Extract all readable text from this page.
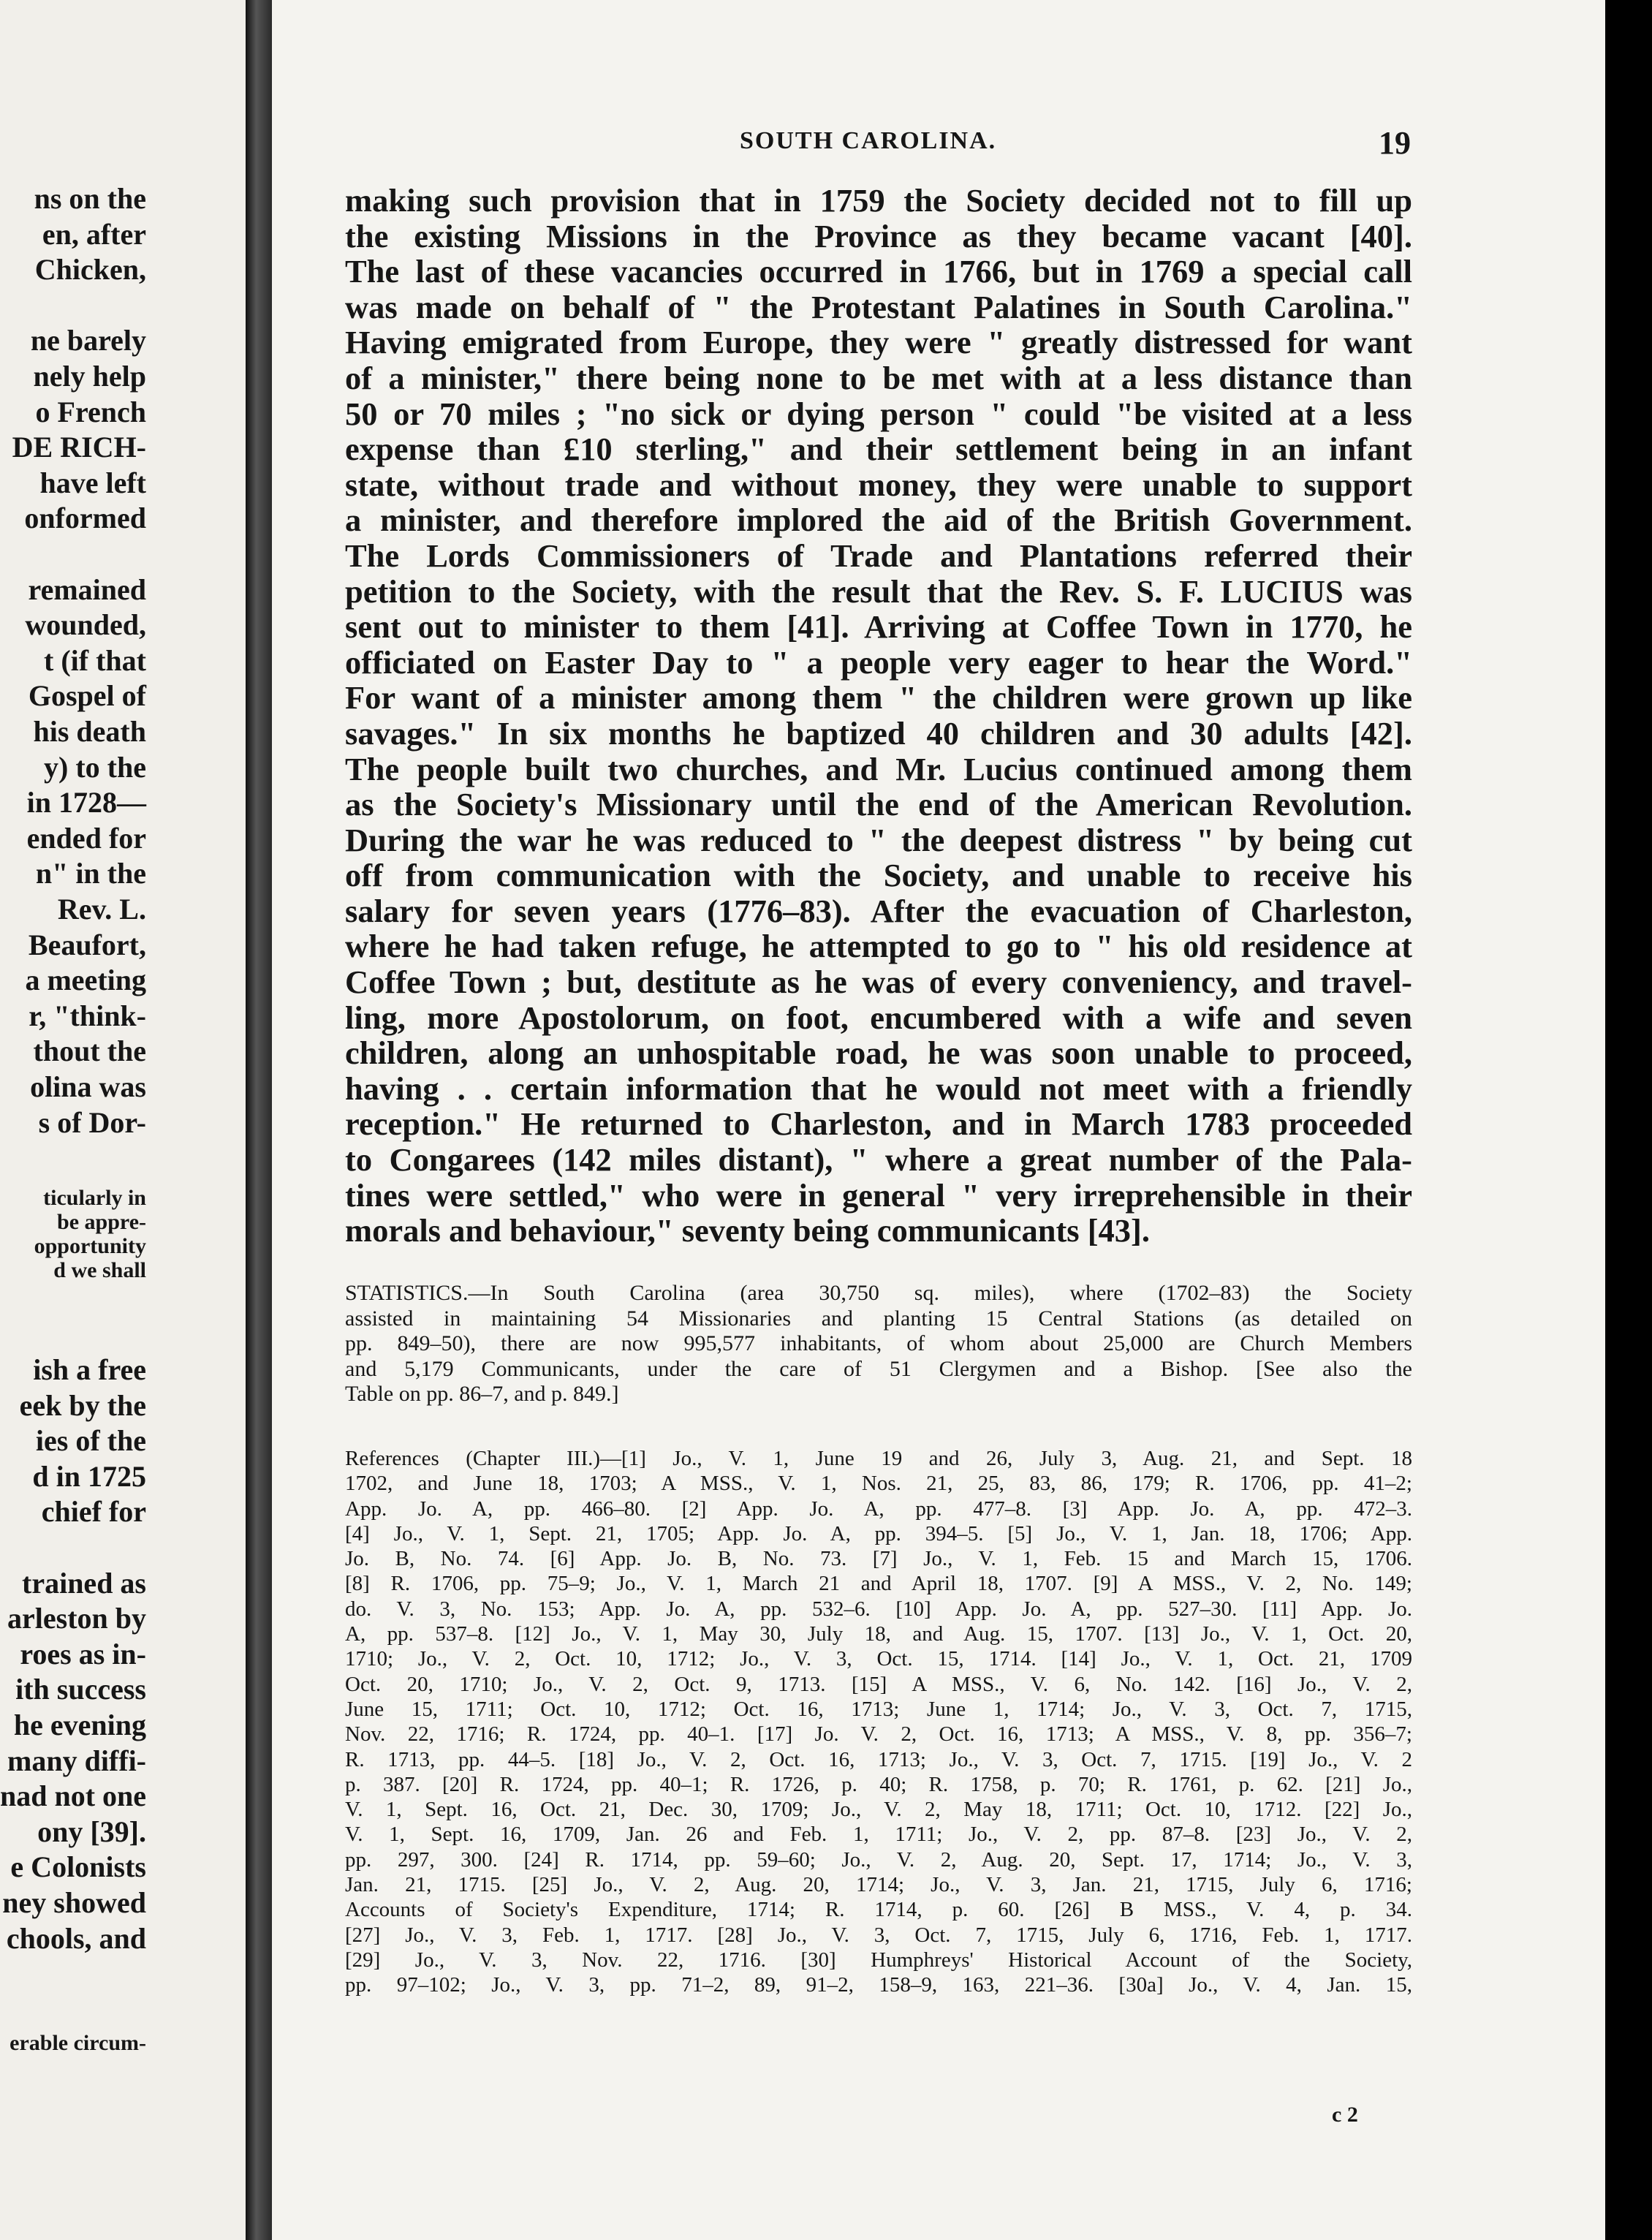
ns on the
en, after
Chicken,
ne barely
nely help
o French
DE RICH-
have left
onformed
remained
wounded,
t (if that
Gospel of
his death
y) to the
in 1728—
ended for
n" in the
Rev. L.
Beaufort,
a meeting
r, "think-
thout the
olina was
s of Dor-
ticularly in
be appre-
opportunity
d we shall
ish a free
eek by the
ies of the
d in 1725
chief for
trained as
arleston by
roes as in-
ith success
he evening
many diffi-
nad not one
ony [39].
e Colonists
ney showed
chools, and
erable circum-
SOUTH CAROLINA.	19
making such provision that in 1759 the Society decided not to fill up
the existing Missions in the Province as they became vacant [40].
The last of these vacancies occurred in 1766, but in 1769 a special call
was made on behalf of " the Protestant Palatines in South Carolina."
Having emigrated from Europe, they were " greatly distressed for want
of a minister," there being none to be met with at a less distance than
50 or 70 miles ; "no sick or dying person " could "be visited at a less
expense than £10 sterling," and their settlement being in an infant
state, without trade and without money, they were unable to support
a minister, and therefore implored the aid of the British Government.
The Lords Commissioners of Trade and Plantations referred their
petition to the Society, with the result that the Rev. S. F. LUCIUS was
sent out to minister to them [41]. Arriving at Coffee Town in 1770, he
officiated on Easter Day to " a people very eager to hear the Word."
For want of a minister among them " the children were grown up like
savages." In six months he baptized 40 children and 30 adults [42].
The people built two churches, and Mr. Lucius continued among them
as the Society's Missionary until the end of the American Revolution.
During the war he was reduced to " the deepest distress " by being cut
off from communication with the Society, and unable to receive his
salary for seven years (1776–83). After the evacuation of Charleston,
where he had taken refuge, he attempted to go to " his old residence at
Coffee Town ; but, destitute as he was of every conveniency, and travel-
ling, more Apostolorum, on foot, encumbered with a wife and seven
children, along an unhospitable road, he was soon unable to proceed,
having . . certain information that he would not meet with a friendly
reception." He returned to Charleston, and in March 1783 proceeded
to Congarees (142 miles distant), " where a great number of the Pala-
tines were settled," who were in general " very irreprehensible in their
morals and behaviour," seventy being communicants [43].
STATISTICS.—In South Carolina (area 30,750 sq. miles), where (1702–83) the Society
assisted in maintaining 54 Missionaries and planting 15 Central Stations (as detailed on
pp. 849–50), there are now 995,577 inhabitants, of whom about 25,000 are Church Members
and 5,179 Communicants, under the care of 51 Clergymen and a Bishop. [See also the
Table on pp. 86–7, and p. 849.]
References (Chapter III.)—[1] Jo., V. 1, June 19 and 26, July 3, Aug. 21, and Sept. 18
1702, and June 18, 1703; A MSS., V. 1, Nos. 21, 25, 83, 86, 179; R. 1706, pp. 41–2;
App. Jo. A, pp. 466–80. [2] App. Jo. A, pp. 477–8. [3] App. Jo. A, pp. 472–3.
[4] Jo., V. 1, Sept. 21, 1705; App. Jo. A, pp. 394–5. [5] Jo., V. 1, Jan. 18, 1706; App.
Jo. B, No. 74. [6] App. Jo. B, No. 73. [7] Jo., V. 1, Feb. 15 and March 15, 1706.
[8] R. 1706, pp. 75–9; Jo., V. 1, March 21 and April 18, 1707. [9] A MSS., V. 2, No. 149;
do. V. 3, No. 153; App. Jo. A, pp. 532–6. [10] App. Jo. A, pp. 527–30. [11] App. Jo.
A, pp. 537–8. [12] Jo., V. 1, May 30, July 18, and Aug. 15, 1707. [13] Jo., V. 1, Oct. 20,
1710; Jo., V. 2, Oct. 10, 1712; Jo., V. 3, Oct. 15, 1714. [14] Jo., V. 1, Oct. 21, 1709
Oct. 20, 1710; Jo., V. 2, Oct. 9, 1713. [15] A MSS., V. 6, No. 142. [16] Jo., V. 2,
June 15, 1711; Oct. 10, 1712; Oct. 16, 1713; June 1, 1714; Jo., V. 3, Oct. 7, 1715,
Nov. 22, 1716; R. 1724, pp. 40–1. [17] Jo. V. 2, Oct. 16, 1713; A MSS., V. 8, pp. 356–7;
R. 1713, pp. 44–5. [18] Jo., V. 2, Oct. 16, 1713; Jo., V. 3, Oct. 7, 1715. [19] Jo., V. 2
p. 387. [20] R. 1724, pp. 40–1; R. 1726, p. 40; R. 1758, p. 70; R. 1761, p. 62. [21] Jo.,
V. 1, Sept. 16, Oct. 21, Dec. 30, 1709; Jo., V. 2, May 18, 1711; Oct. 10, 1712. [22] Jo.,
V. 1, Sept. 16, 1709, Jan. 26 and Feb. 1, 1711; Jo., V. 2, pp. 87–8. [23] Jo., V. 2,
pp. 297, 300. [24] R. 1714, pp. 59–60; Jo., V. 2, Aug. 20, Sept. 17, 1714; Jo., V. 3,
Jan. 21, 1715. [25] Jo., V. 2, Aug. 20, 1714; Jo., V. 3, Jan. 21, 1715, July 6, 1716;
Accounts of Society's Expenditure, 1714; R. 1714, p. 60. [26] B MSS., V. 4, p. 34.
[27] Jo., V. 3, Feb. 1, 1717. [28] Jo., V. 3, Oct. 7, 1715, July 6, 1716, Feb. 1, 1717.
[29] Jo., V. 3, Nov. 22, 1716. [30] Humphreys' Historical Account of the Society,
pp. 97–102; Jo., V. 3, pp. 71–2, 89, 91–2, 158–9, 163, 221–36. [30a] Jo., V. 4, Jan. 15,
c 2
